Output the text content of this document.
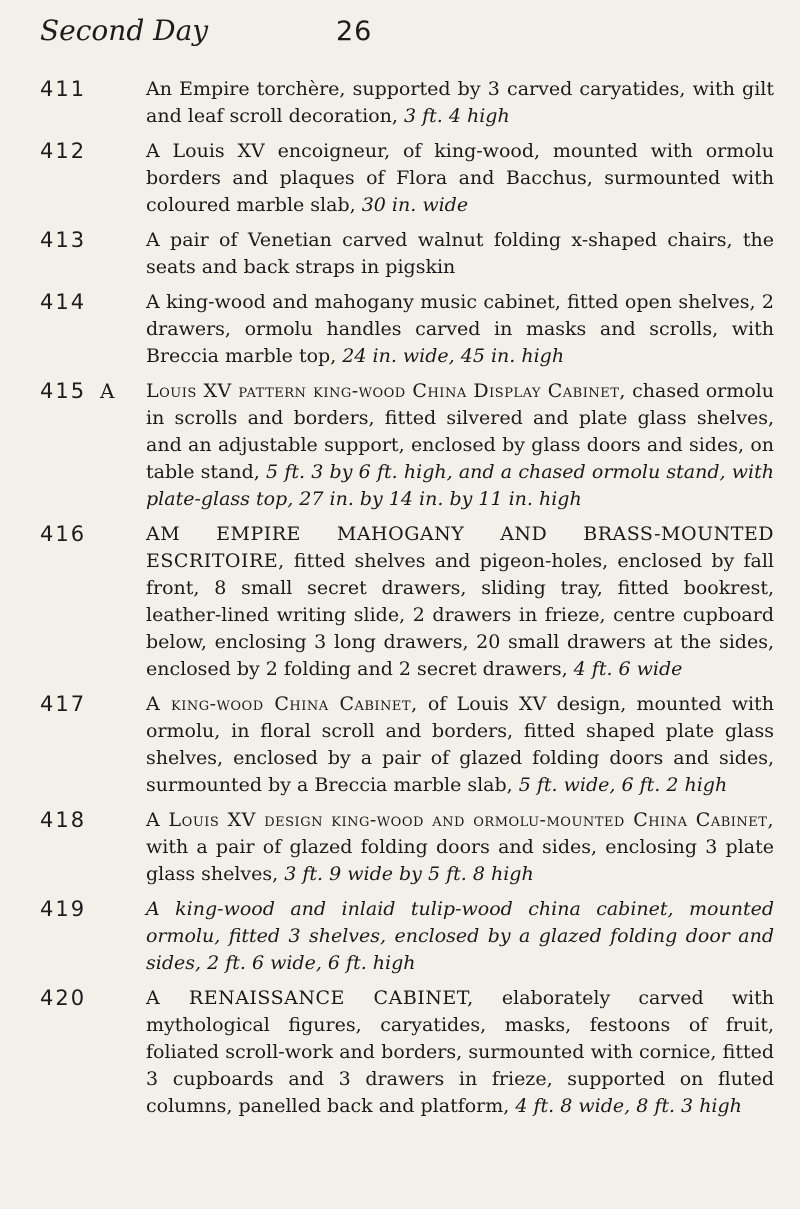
Second Day	26
411	An Empire torchère, supported by 3 carved caryatides, with gilt and leaf scroll decoration, 3 ft. 4 high
412	A Louis XV encoigneur, of king-wood, mounted with ormolu borders and plaques of Flora and Bacchus, surmounted with coloured marble slab, 30 in. wide
413	A pair of Venetian carved walnut folding x-shaped chairs, the seats and back straps in pigskin
414	A king-wood and mahogany music cabinet, fitted open shelves, 2 drawers, ormolu handles carved in masks and scrolls, with Breccia marble top, 24 in. wide, 45 in. high
415 A	Louis XV pattern king-wood China Display Cabinet, chased ormolu in scrolls and borders, fitted silvered and plate glass shelves, and an adjustable support, enclosed by glass doors and sides, on table stand, 5 ft. 3 by 6 ft. high, and a chased ormolu stand, with plate-glass top, 27 in. by 14 in. by 11 in. high
416	AM EMPIRE MAHOGANY AND BRASS-MOUNTED ESCRITOIRE, fitted shelves and pigeon-holes, enclosed by fall front, 8 small secret drawers, sliding tray, fitted bookrest, leather-lined writing slide, 2 drawers in frieze, centre cupboard below, enclosing 3 long drawers, 20 small drawers at the sides, enclosed by 2 folding and 2 secret drawers, 4 ft. 6 wide
417	A king-wood China Cabinet, of Louis XV design, mounted with ormolu, in floral scroll and borders, fitted shaped plate glass shelves, enclosed by a pair of glazed folding doors and sides, surmounted by a Breccia marble slab, 5 ft. wide, 6 ft. 2 high
418	A Louis XV design king-wood and ormolu-mounted China Cabinet, with a pair of glazed folding doors and sides, enclosing 3 plate glass shelves, 3 ft. 9 wide by 5 ft. 8 high
419	A king-wood and inlaid tulip-wood china cabinet, mounted ormolu, fitted 3 shelves, enclosed by a glazed folding door and sides, 2 ft. 6 wide, 6 ft. high
420	A RENAISSANCE CABINET, elaborately carved with mythological figures, caryatides, masks, festoons of fruit, foliated scroll-work and borders, surmounted with cornice, fitted 3 cupboards and 3 drawers in frieze, supported on fluted columns, panelled back and platform, 4 ft. 8 wide, 8 ft. 3 high
